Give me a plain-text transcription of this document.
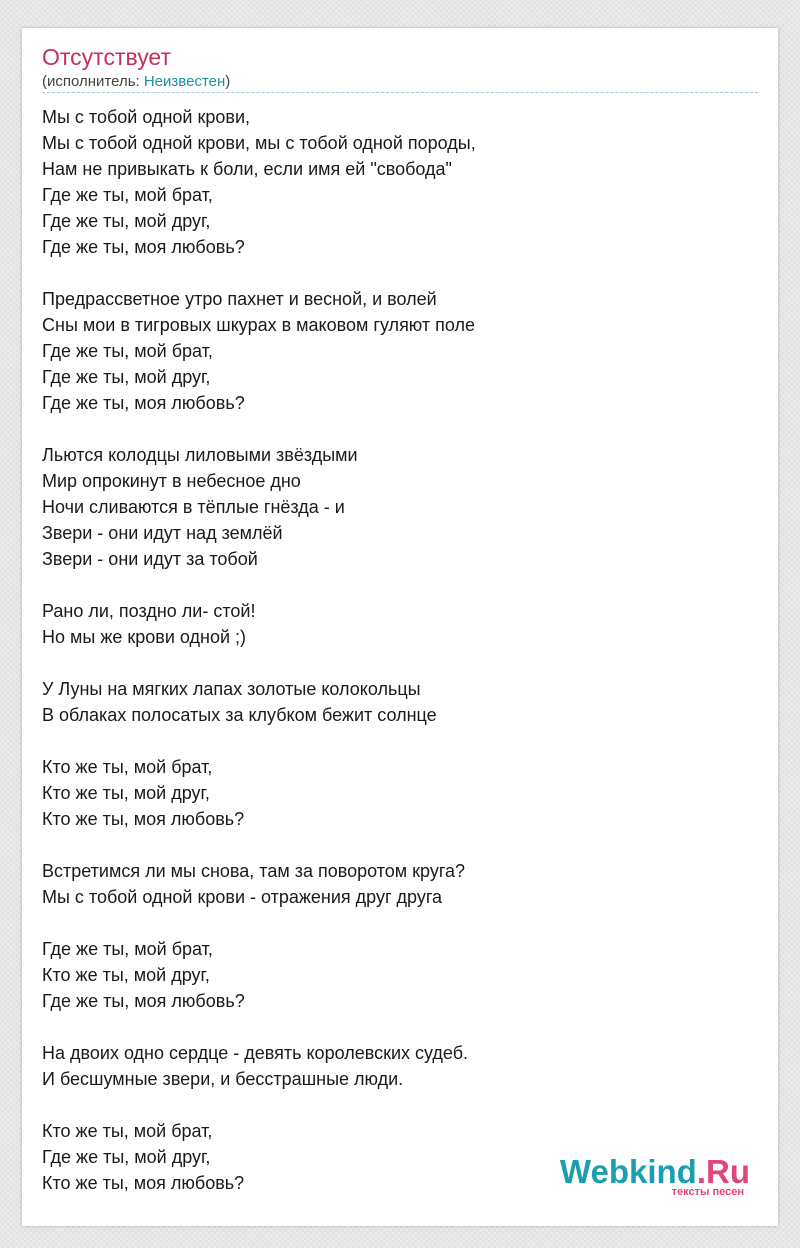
Отсутствует
(исполнитель: Неизвестен)

Мы с тобой одной крови,
Мы с тобой одной крови, мы с тобой одной породы,
Нам не привыкать к боли, если имя ей "свобода"
Где же ты, мой брат,
Где же ты, мой друг,
Где же ты, моя любовь?

Предрассветное утро пахнет и весной, и волей
Сны мои в тигровых шкурах в маковом гуляют поле
Где же ты, мой брат,
Где же ты, мой друг,
Где же ты, моя любовь?

Льются колодцы лиловыми звёздыми
Мир опрокинут в небесное дно
Ночи сливаются в тёплые гнёзда - и
Звери - они идут над землёй
Звери - они идут за тобой

Рано ли, поздно ли- стой!
Но мы же крови одной ;)

У Луны на мягких лапах золотые колокольцы
В облаках полосатых за клубком бежит солнце

Кто же ты, мой брат,
Кто же ты, мой друг,
Кто же ты, моя любовь?

Встретимся ли мы снова, там за поворотом круга?
Мы с тобой одной крови - отражения друг друга

Где же ты, мой брат,
Кто же ты, мой друг,
Где же ты, моя любовь?

На двоих одно сердце - девять королевских судеб.
И бесшумные звери, и бесстрашные люди.

Кто же ты, мой брат,
Где же ты, мой друг,
Кто же ты, моя любовь?	Webkind.Ru
тексты песен
